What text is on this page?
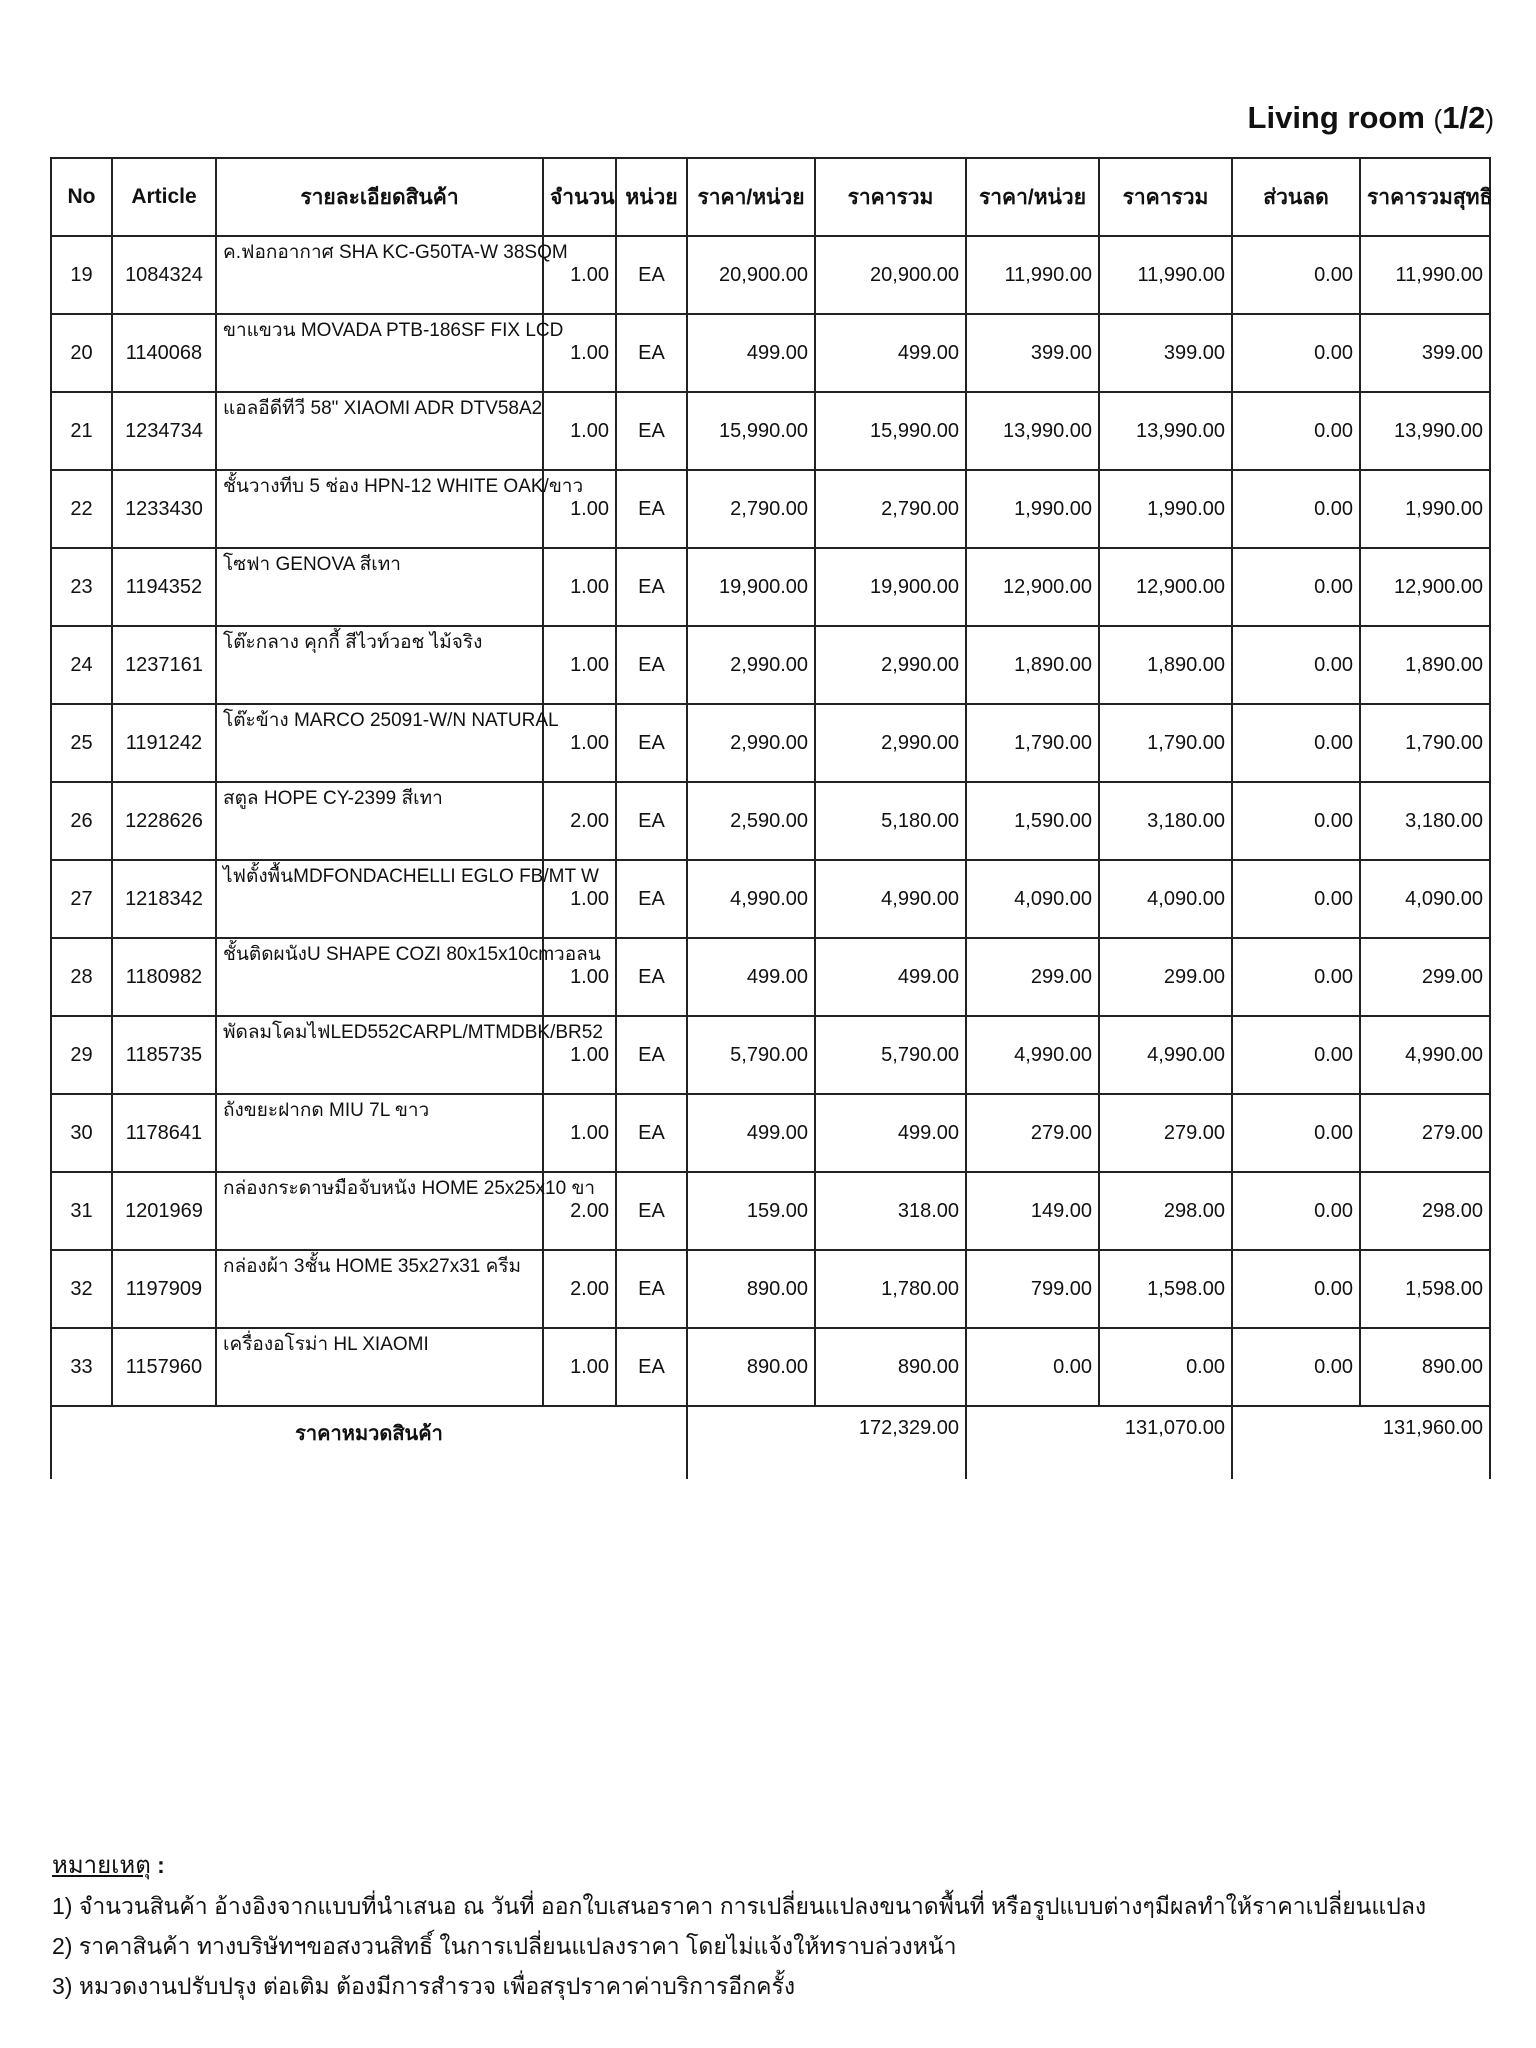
Living room (1/2)
No	Article	รายละเอียดสินค้า	จำนวน	หน่วย	ราคา/หน่วย	ราคารวม	ราคา/หน่วย	ราคารวม	ส่วนลด	ราคารวมสุทธิ
19	1084324	ค.ฟอกอากาศ SHA KC-G50TA-W 38SQM	1.00	EA	20,900.00	20,900.00	11,990.00	11,990.00	0.00	11,990.00
20	1140068	ขาแขวน MOVADA PTB-186SF FIX LCD	1.00	EA	499.00	499.00	399.00	399.00	0.00	399.00
21	1234734	แอลอีดีทีวี 58" XIAOMI ADR DTV58A2	1.00	EA	15,990.00	15,990.00	13,990.00	13,990.00	0.00	13,990.00
22	1233430	ชั้นวางทีบ 5 ช่อง HPN-12 WHITE OAK/ขาว	1.00	EA	2,790.00	2,790.00	1,990.00	1,990.00	0.00	1,990.00
23	1194352	โซฟา GENOVA สีเทา	1.00	EA	19,900.00	19,900.00	12,900.00	12,900.00	0.00	12,900.00
24	1237161	โต๊ะกลาง คุกกี้ สีไวท์วอช ไม้จริง	1.00	EA	2,990.00	2,990.00	1,890.00	1,890.00	0.00	1,890.00
25	1191242	โต๊ะข้าง MARCO 25091-W/N NATURAL	1.00	EA	2,990.00	2,990.00	1,790.00	1,790.00	0.00	1,790.00
26	1228626	สตูล HOPE CY-2399 สีเทา	2.00	EA	2,590.00	5,180.00	1,590.00	3,180.00	0.00	3,180.00
27	1218342	ไฟตั้งพื้นMDFONDACHELLI EGLO FB/MT W	1.00	EA	4,990.00	4,990.00	4,090.00	4,090.00	0.00	4,090.00
28	1180982	ชั้นติดผนังU SHAPE COZI 80x15x10cmวอลน	1.00	EA	499.00	499.00	299.00	299.00	0.00	299.00
29	1185735	พัดลมโคมไฟLED552CARPL/MTMDBK/BR52	1.00	EA	5,790.00	5,790.00	4,990.00	4,990.00	0.00	4,990.00
30	1178641	ถังขยะฝากด MIU 7L ขาว	1.00	EA	499.00	499.00	279.00	279.00	0.00	279.00
31	1201969	กล่องกระดาษมือจับหนัง HOME 25x25x10 ขา	2.00	EA	159.00	318.00	149.00	298.00	0.00	298.00
32	1197909	กล่องผ้า 3ชั้น HOME 35x27x31 ครีม	2.00	EA	890.00	1,780.00	799.00	1,598.00	0.00	1,598.00
33	1157960	เครื่องอโรม่า HL XIAOMI	1.00	EA	890.00	890.00	0.00	0.00	0.00	890.00
ราคาหมวดสินค้า					172,329.00		131,070.00		131,960.00	
หมายเหตุ :
1) จำนวนสินค้า อ้างอิงจากแบบที่นำเสนอ ณ วันที่ ออกใบเสนอราคา การเปลี่ยนแปลงขนาดพื้นที่ หรือรูปแบบต่างๆมีผลทำให้ราคาเปลี่ยนแปลง
2) ราคาสินค้า ทางบริษัทฯขอสงวนสิทธิ์ ในการเปลี่ยนแปลงราคา โดยไม่แจ้งให้ทราบล่วงหน้า
3) หมวดงานปรับปรุง ต่อเติม ต้องมีการสำรวจ เพื่อสรุปราคาค่าบริการอีกครั้ง
